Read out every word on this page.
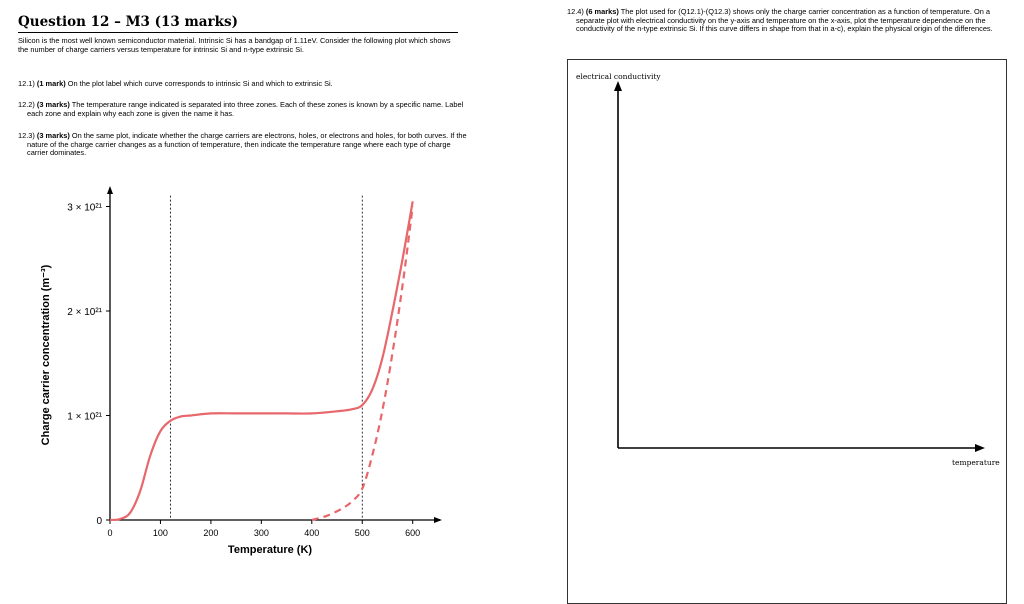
Question 12 – M3 (13 marks)

Silicon is the most well known semiconductor material. Intrinsic Si has a bandgap of 1.11eV. Consider the following plot which shows the number of charge carriers versus temperature for intrinsic Si and n-type extrinsic Si.

12.1) (1 mark) On the plot label which curve corresponds to intrinsic Si and which to extrinsic Si.

12.2) (3 marks) The temperature range indicated is separated into three zones. Each of these zones is known by a specific name. Label each zone and explain why each zone is given the name it has.

12.3) (3 marks) On the same plot, indicate whether the charge carriers are electrons, holes, or electrons and holes, for both curves. If the nature of the charge carrier changes as a function of temperature, then indicate the temperature range where each type of charge carrier dominates.

Temperature (K)
Charge carrier concentration (m⁻³)
0	100	200	300	400	500	600
0
1 × 10²¹
2 × 10²¹
3 × 10²¹

12.4) (6 marks) The plot used for (Q12.1)-(Q12.3) shows only the charge carrier concentration as a function of temperature. On a separate plot with electrical conductivity on the y-axis and temperature on the x-axis, plot the temperature dependence on the conductivity of the n-type extrinsic Si. If this curve differs in shape from that in a-c), explain the physical origin of the differences.

electrical conductivity
temperature
